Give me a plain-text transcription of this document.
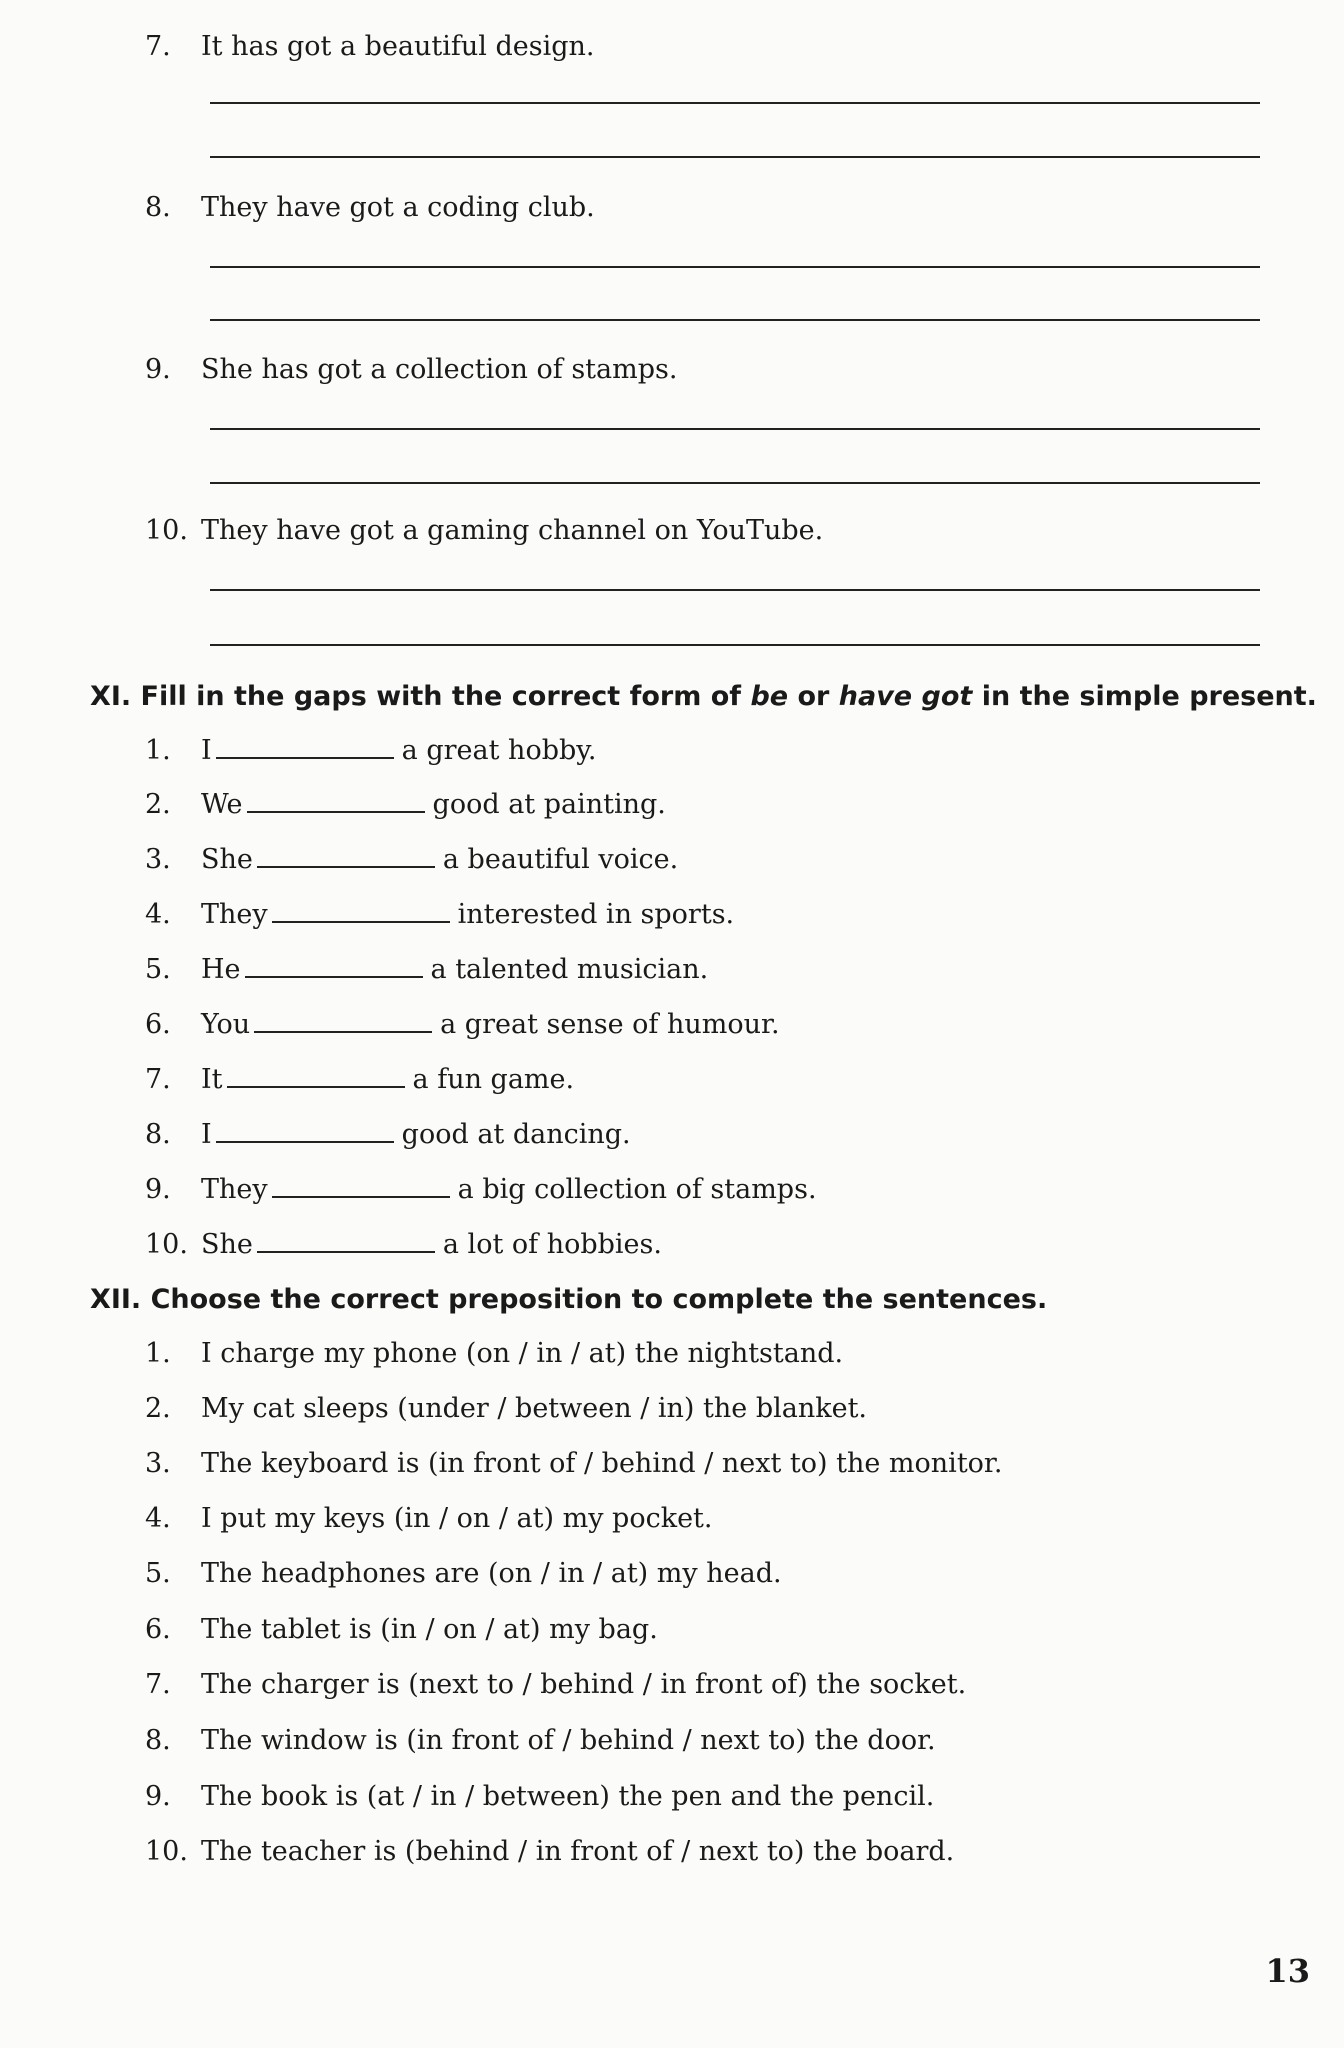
7. It has got a beautiful design.
8. They have got a coding club.
9. She has got a collection of stamps.
10. They have got a gaming channel on YouTube.
XI. Fill in the gaps with the correct form of be or have got in the simple present.
1. I	a great hobby.
2. We	good at painting.
3. She	a beautiful voice.
4. They	interested in sports.
5. He	a talented musician.
6. You	a great sense of humour.
7. It	a fun game.
8. I	good at dancing.
9. They	a big collection of stamps.
10. She	a lot of hobbies.
XII. Choose the correct preposition to complete the sentences.
1. I charge my phone (on / in / at) the nightstand.
2. My cat sleeps (under / between / in) the blanket.
3. The keyboard is (in front of / behind / next to) the monitor.
4. I put my keys (in / on / at) my pocket.
5. The headphones are (on / in / at) my head.
6. The tablet is (in / on / at) my bag.
7. The charger is (next to / behind / in front of) the socket.
8. The window is (in front of / behind / next to) the door.
9. The book is (at / in / between) the pen and the pencil.
10. The teacher is (behind / in front of / next to) the board.
13
